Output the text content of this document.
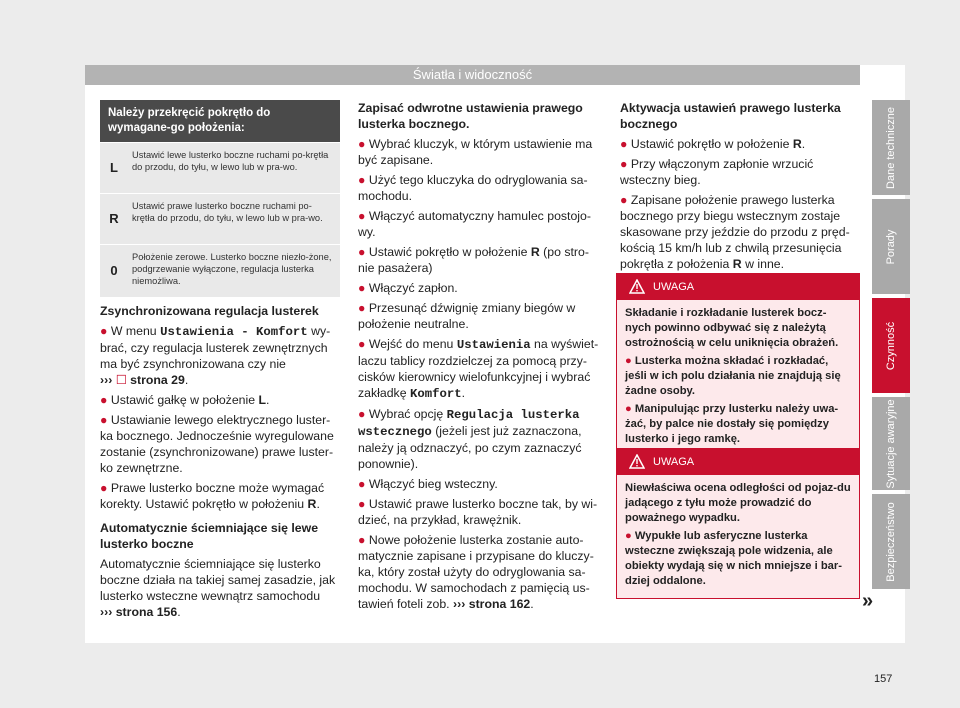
Światła i widoczność
Dane techniczne
Porady
Czynność
Sytuacje awaryjne
Bezpieczeństwo
Należy przekręcić pokrętło do wymagane-go położenia:
L
Ustawić lewe lusterko boczne ruchami po-krętła do przodu, do tyłu, w lewo lub w pra-wo.
R
Ustawić prawe lusterko boczne ruchami po-krętła do przodu, do tyłu, w lewo lub w pra-wo.
0
Położenie zerowe. Lusterko boczne niezło-żone, podgrzewanie wyłączone, regulacja lusterka niemożliwa.
Zsynchronizowana regulacja lusterek

● W menu Ustawienia - Komfort wy-brać, czy regulacja lusterek zewnętrznych ma być zsynchronizowana czy nie
››› ☐ strona 29.

● Ustawić gałkę w położenie L.

● Ustawianie lewego elektrycznego luster-ka bocznego. Jednocześnie wyregulowane zostanie (zsynchronizowane) prawe luster-ko zewnętrzne.

● Prawe lusterko boczne może wymagać korekty. Ustawić pokrętło w położeniu R.

Automatycznie ściemniające się lewe lusterko boczne

Automatycznie ściemniające się lusterko boczne działa na takiej samej zasadzie, jak lusterko wsteczne wewnątrz samochodu
››› strona 156.

Zapisać odwrotne ustawienia prawego lusterka bocznego.

● Wybrać kluczyk, w którym ustawienie ma być zapisane.

● Użyć tego kluczyka do odryglowania sa-mochodu.

● Włączyć automatyczny hamulec postojo-wy.

● Ustawić pokrętło w położenie R (po stro-nie pasażera)

● Włączyć zapłon.

● Przesunąć dźwignię zmiany biegów w położenie neutralne.

● Wejść do menu Ustawienia na wyświet-laczu tablicy rozdzielczej za pomocą przy-cisków kierownicy wielofunkcyjnej i wybrać zakładkę Komfort.

● Wybrać opcję Regulacja lusterka wstecznego (jeżeli jest już zaznaczona, należy ją odznaczyć, po czym zaznaczyć ponownie).

● Włączyć bieg wsteczny.

● Ustawić prawe lusterko boczne tak, by wi-dzieć, na przykład, krawężnik.

● Nowe położenie lusterka zostanie auto-matycznie zapisane i przypisane do kluczy-ka, który został użyty do odryglowania sa-mochodu. W samochodach z pamięcią us-tawień foteli zob. ››› strona 162.

Aktywacja ustawień prawego lusterka bocznego

● Ustawić pokrętło w położenie R.

● Przy włączonym zapłonie wrzucić wsteczny bieg.

● Zapisane położenie prawego lusterka bocznego przy biegu wstecznym zostaje skasowane przy jeździe do przodu z pręd-kością 15 km/h lub z chwilą przesunięcia pokrętła z położenia R w inne.

UWAGA

Składanie i rozkładanie lusterek bocz-nych powinno odbywać się z należytą ostrożnością w celu uniknięcia obrażeń.

● Lusterka można składać i rozkładać, jeśli w ich polu działania nie znajdują się żadne osoby.

● Manipulując przy lusterku należy uwa-żać, by palce nie dostały się pomiędzy lusterko i jego ramkę.

UWAGA

Niewłaściwa ocena odległości od pojaz-du jadącego z tyłu może prowadzić do poważnego wypadku.

● Wypukłe lub asferyczne lusterka wsteczne zwiększają pole widzenia, ale obiekty wydają się w nich mniejsze i bar-dziej oddalone.

»
157
